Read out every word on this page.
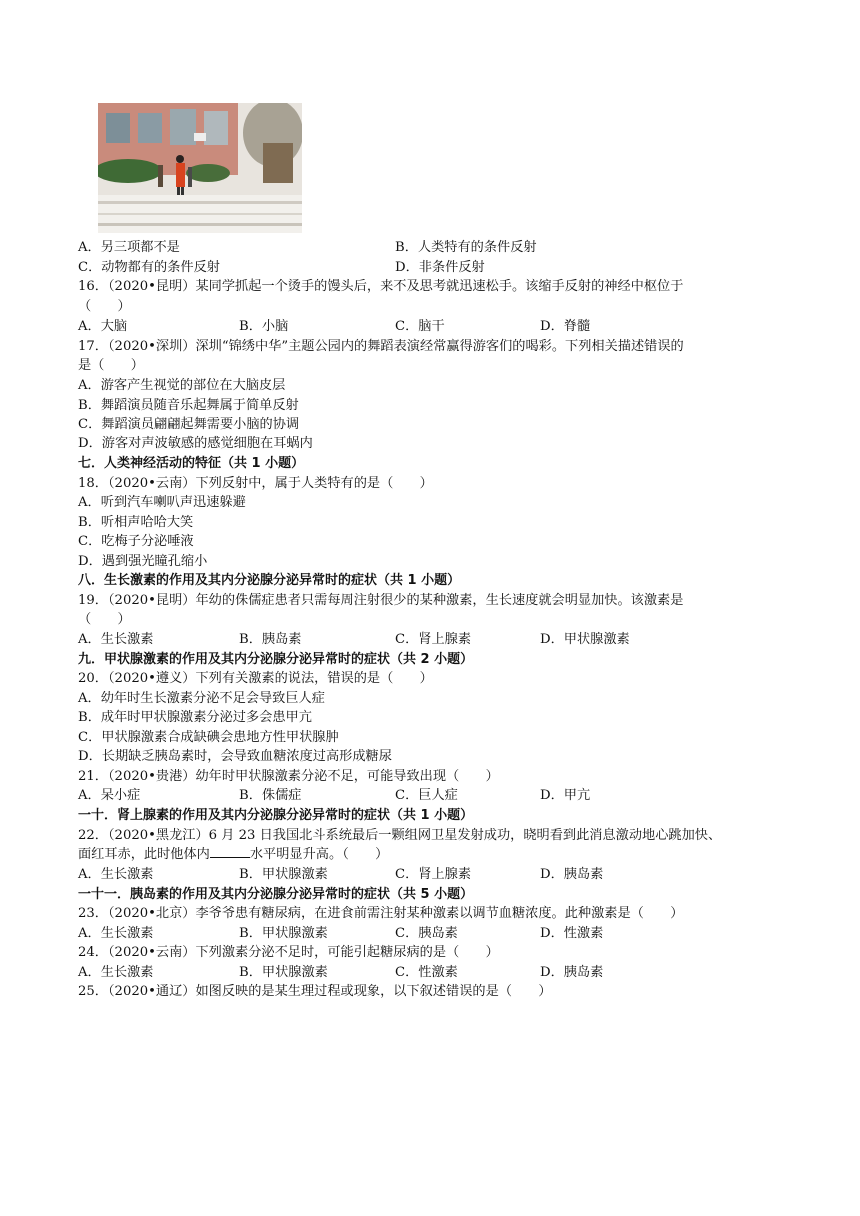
A．另三项都不是	B．人类特有的条件反射
C．动物都有的条件反射	D．非条件反射
16．（2020•昆明）某同学抓起一个烫手的馒头后，来不及思考就迅速松手。该缩手反射的神经中枢位于
（　　）
A．大脑	B．小脑	C．脑干	D．脊髓
17．（2020•深圳）深圳“锦绣中华”主题公园内的舞蹈表演经常赢得游客们的喝彩。下列相关描述错误的
是（　　）
A．游客产生视觉的部位在大脑皮层
B．舞蹈演员随音乐起舞属于简单反射
C．舞蹈演员翩翩起舞需要小脑的协调
D．游客对声波敏感的感觉细胞在耳蜗内
七．人类神经活动的特征（共 1 小题）
18．（2020•云南）下列反射中，属于人类特有的是（　　）
A．听到汽车喇叭声迅速躲避
B．听相声哈哈大笑
C．吃梅子分泌唾液
D．遇到强光瞳孔缩小
八．生长激素的作用及其内分泌腺分泌异常时的症状（共 1 小题）
19．（2020•昆明）年幼的侏儒症患者只需每周注射很少的某种激素，生长速度就会明显加快。该激素是
（　　）
A．生长激素	B．胰岛素	C．肾上腺素	D．甲状腺激素
九．甲状腺激素的作用及其内分泌腺分泌异常时的症状（共 2 小题）
20．（2020•遵义）下列有关激素的说法，错误的是（　　）
A．幼年时生长激素分泌不足会导致巨人症
B．成年时甲状腺激素分泌过多会患甲亢
C．甲状腺激素合成缺碘会患地方性甲状腺肿
D．长期缺乏胰岛素时，会导致血糖浓度过高形成糖尿
21．（2020•贵港）幼年时甲状腺激素分泌不足，可能导致出现（　　）
A．呆小症	B．侏儒症	C．巨人症	D．甲亢
一十．肾上腺素的作用及其内分泌腺分泌异常时的症状（共 1 小题）
22．（2020•黑龙江）6 月 23 日我国北斗系统最后一颗组网卫星发射成功，晓明看到此消息激动地心跳加快、
面红耳赤，此时他体内	水平明显升高。（　　）
A．生长激素	B．甲状腺激素	C．肾上腺素	D．胰岛素
一十一．胰岛素的作用及其内分泌腺分泌异常时的症状（共 5 小题）
23．（2020•北京）李爷爷患有糖尿病，在进食前需注射某种激素以调节血糖浓度。此种激素是（　　）
A．生长激素	B．甲状腺激素	C．胰岛素	D．性激素
24．（2020•云南）下列激素分泌不足时，可能引起糖尿病的是（　　）
A．生长激素	B．甲状腺激素	C．性激素	D．胰岛素
25．（2020•通辽）如图反映的是某生理过程或现象，以下叙述错误的是（　　）
